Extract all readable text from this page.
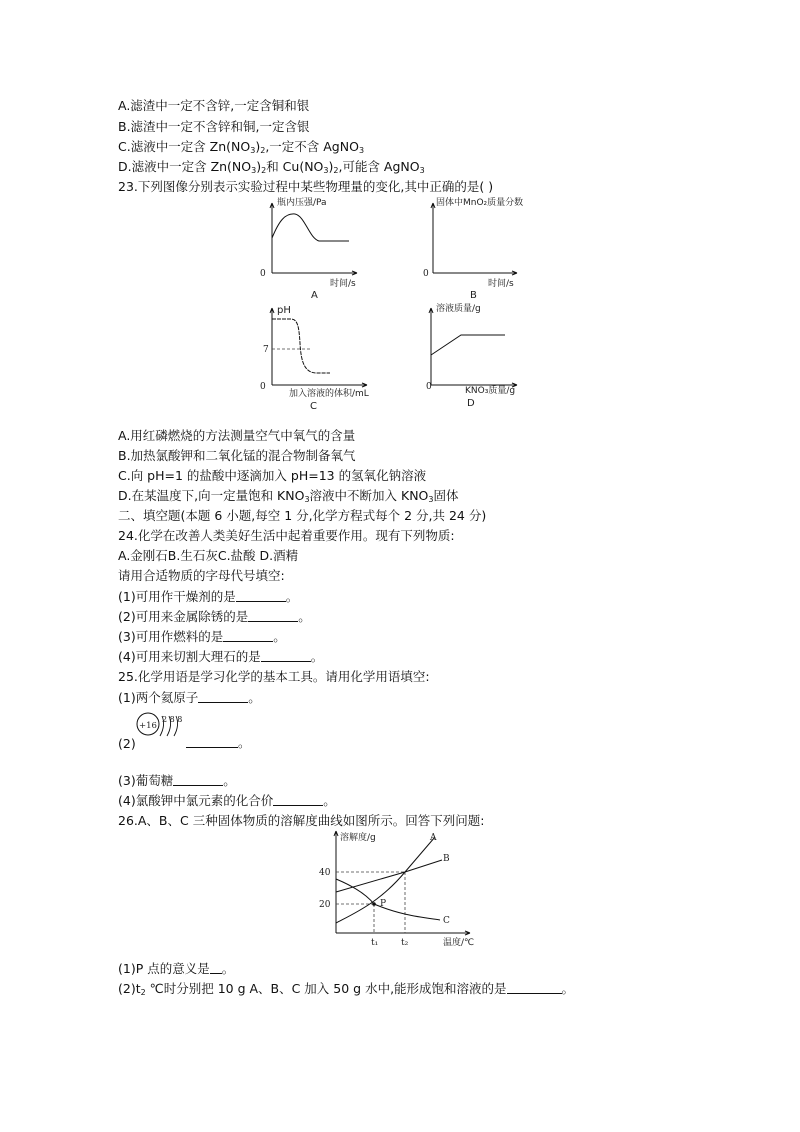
A.滤渣中一定不含锌,一定含铜和银
B.滤渣中一定不含锌和铜,一定含银
C.滤液中一定含 $Zn(NO_3)_2$,一定不含 AgNO$_3$
D.滤液中一定含 $Zn(NO_3)_2$和 $Cu(NO_3)_2$,可能含 AgNO$_3$
23.下列图像分别表示实验过程中某些物理量的变化,其中正确的是( )
瓶内压强/Pa
0
时间/s
A
固体中MnO₂质量分数
0
时间/s
B
pH
7
0
加入溶液的体积/mL
C
溶液质量/g
0	KNO₃质量/g
D
A.用红磷燃烧的方法测量空气中氧气的含量
B.加热氯酸钾和二氧化锰的混合物制备氧气
C.向 pH=1 的盐酸中逐滴加入 pH=13 的氢氧化钠溶液
D.在某温度下,向一定量饱和 $KNO_3$溶液中不断加入 $KNO_3$固体
二、填空题(本题 6 小题,每空 1 分,化学方程式每个 2 分,共 24 分)
24.化学在改善人类美好生活中起着重要作用。现有下列物质:
A.金刚石B.生石灰C.盐酸 D.酒精
请用合适物质的字母代号填空:
(1)可用作干燥剂的是	。
(2)可用来金属除锈的是	。
(3)可用作燃料的是	。
(4)可用来切割大理石的是	。
25.化学用语是学习化学的基本工具。请用化学用语填空:
(1)两个氦原子	。
+16
2 8 8
(2)	。
(3)葡萄糖	。
(4)氯酸钾中氯元素的化合价	。
26.A、B、C 三种固体物质的溶解度曲线如图所示。回答下列问题:
溶解度/g
温度/℃
40
20
t₁	t₂
P
A
B
C
(1)P 点的意义是 。
$(2)t_2$ ℃时分别把 10 g A、B、C 加入 50 g 水中,能形成饱和溶液的是	。
